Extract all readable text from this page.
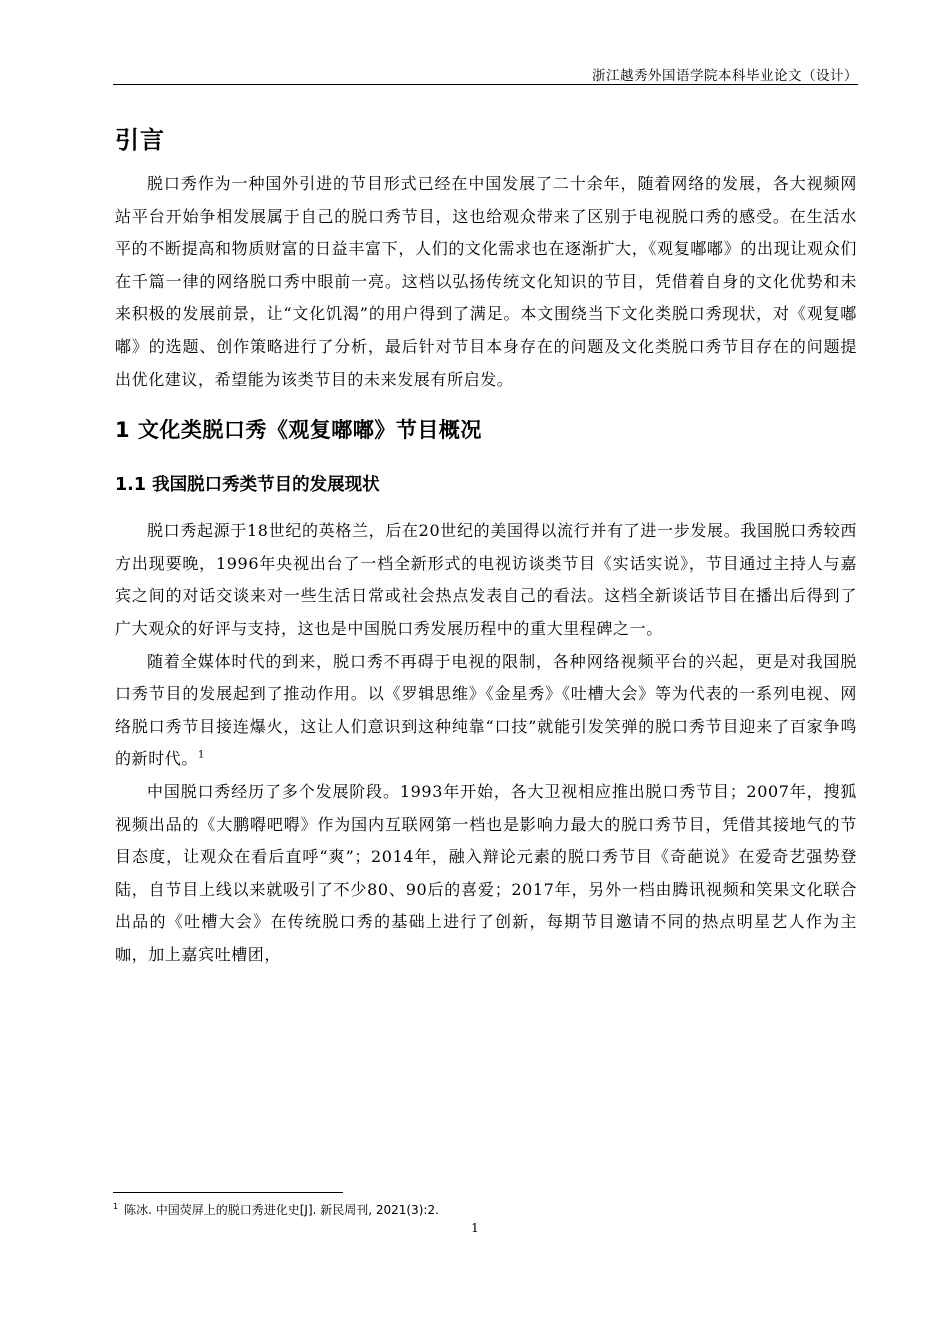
浙江越秀外国语学院本科毕业论文（设计）
引言

脱口秀作为一种国外引进的节目形式已经在中国发展了二十余年，随着网络的发展，各大视频网站平台开始争相发展属于自己的脱口秀节目，这也给观众带来了区别于电视脱口秀的感受。在生活水平的不断提高和物质财富的日益丰富下，人们的文化需求也在逐渐扩大，《观复嘟嘟》的出现让观众们在千篇一律的网络脱口秀中眼前一亮。这档以弘扬传统文化知识的节目，凭借着自身的文化优势和未来积极的发展前景，让“文化饥渴”的用户得到了满足。本文围绕当下文化类脱口秀现状，对《观复嘟嘟》的选题、创作策略进行了分析，最后针对节目本身存在的问题及文化类脱口秀节目存在的问题提出优化建议，希望能为该类节目的未来发展有所启发。

1 文化类脱口秀《观复嘟嘟》节目概况
1.1 我国脱口秀类节目的发展现状

脱口秀起源于18世纪的英格兰，后在20世纪的美国得以流行并有了进一步发展。我国脱口秀较西方出现要晚，1996年央视出台了一档全新形式的电视访谈类节目《实话实说》，节目通过主持人与嘉宾之间的对话交谈来对一些生活日常或社会热点发表自己的看法。这档全新谈话节目在播出后得到了广大观众的好评与支持，这也是中国脱口秀发展历程中的重大里程碑之一。

随着全媒体时代的到来，脱口秀不再碍于电视的限制，各种网络视频平台的兴起，更是对我国脱口秀节目的发展起到了推动作用。以《罗辑思维》《金星秀》《吐槽大会》等为代表的一系列电视、网络脱口秀节目接连爆火，这让人们意识到这种纯靠“口技”就能引发笑弹的脱口秀节目迎来了百家争鸣的新时代。$^1$

中国脱口秀经历了多个发展阶段。1993年开始，各大卫视相应推出脱口秀节目；2007年，搜狐视频出品的《大鹏嘚吧嘚》作为国内互联网第一档也是影响力最大的脱口秀节目，凭借其接地气的节目态度，让观众在看后直呼“爽”；2014年，融入辩论元素的脱口秀节目《奇葩说》在爱奇艺强势登陆，自节目上线以来就吸引了不少80、90后的喜爱；2017年，另外一档由腾讯视频和笑果文化联合出品的《吐槽大会》在传统脱口秀的基础上进行了创新，每期节目邀请不同的热点明星艺人作为主咖，加上嘉宾吐槽团，

$^1$ 陈冰. 中国荧屏上的脱口秀进化史[J]. 新民周刊, 2021(3):2.
1
